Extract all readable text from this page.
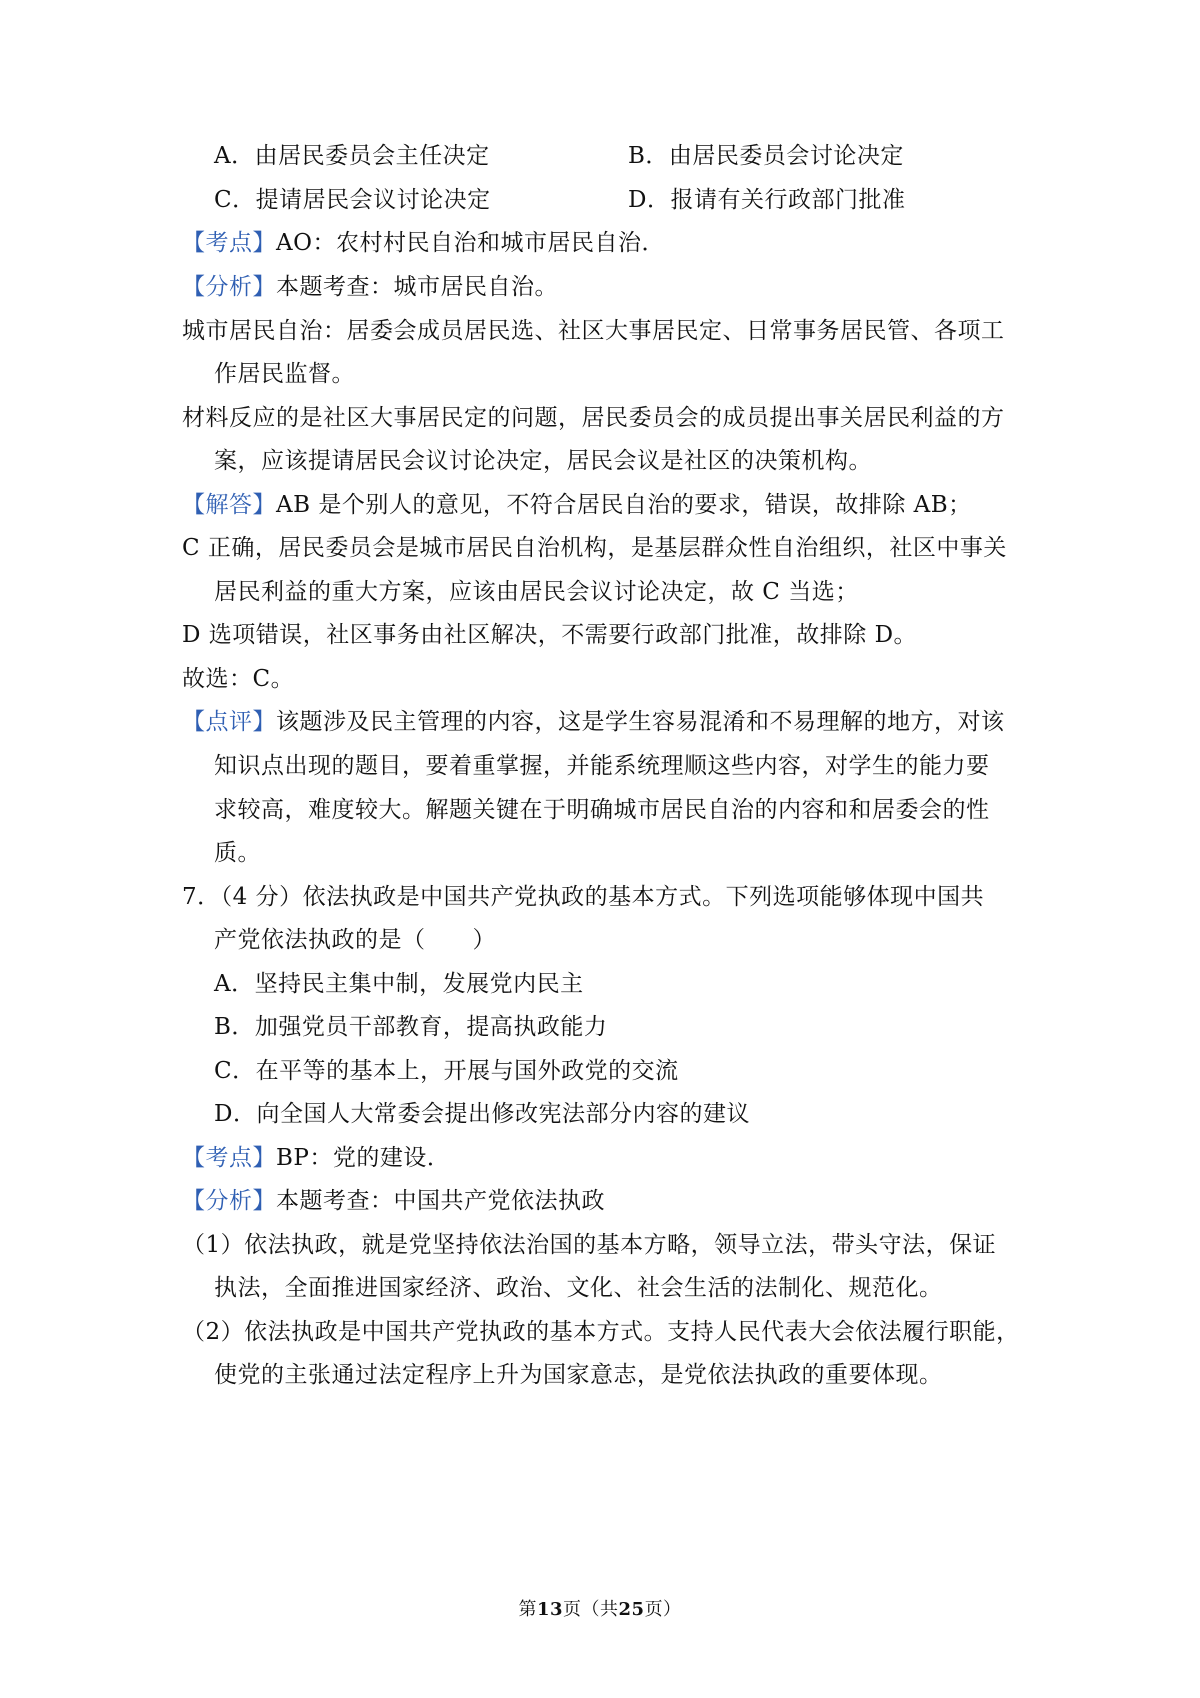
A．由居民委员会主任决定	B．由居民委员会讨论决定
C．提请居民会议讨论决定	D．报请有关行政部门批准
【考点】AO：农村村民自治和城市居民自治．
【分析】本题考查：城市居民自治。
城市居民自治：居委会成员居民选、社区大事居民定、日常事务居民管、各项工
作居民监督。
材料反应的是社区大事居民定的问题，居民委员会的成员提出事关居民利益的方
案，应该提请居民会议讨论决定，居民会议是社区的决策机构。
【解答】AB 是个别人的意见，不符合居民自治的要求，错误，故排除 AB；
C 正确，居民委员会是城市居民自治机构，是基层群众性自治组织，社区中事关
居民利益的重大方案，应该由居民会议讨论决定，故 C 当选；
D 选项错误，社区事务由社区解决，不需要行政部门批准，故排除 D。
故选：C。
【点评】该题涉及民主管理的内容，这是学生容易混淆和不易理解的地方，对该
知识点出现的题目，要着重掌握，并能系统理顺这些内容，对学生的能力要
求较高，难度较大。解题关键在于明确城市居民自治的内容和和居委会的性
质。
7．（4 分）依法执政是中国共产党执政的基本方式。下列选项能够体现中国共
产党依法执政的是（　　）
A．坚持民主集中制，发展党内民主
B．加强党员干部教育，提高执政能力
C．在平等的基本上，开展与国外政党的交流
D．向全国人大常委会提出修改宪法部分内容的建议
【考点】BP：党的建设．
【分析】本题考查：中国共产党依法执政
（1）依法执政，就是党坚持依法治国的基本方略，领导立法，带头守法，保证
执法，全面推进国家经济、政治、文化、社会生活的法制化、规范化。
（2）依法执政是中国共产党执政的基本方式。支持人民代表大会依法履行职能，
使党的主张通过法定程序上升为国家意志，是党依法执政的重要体现。
第13页（共25页）
